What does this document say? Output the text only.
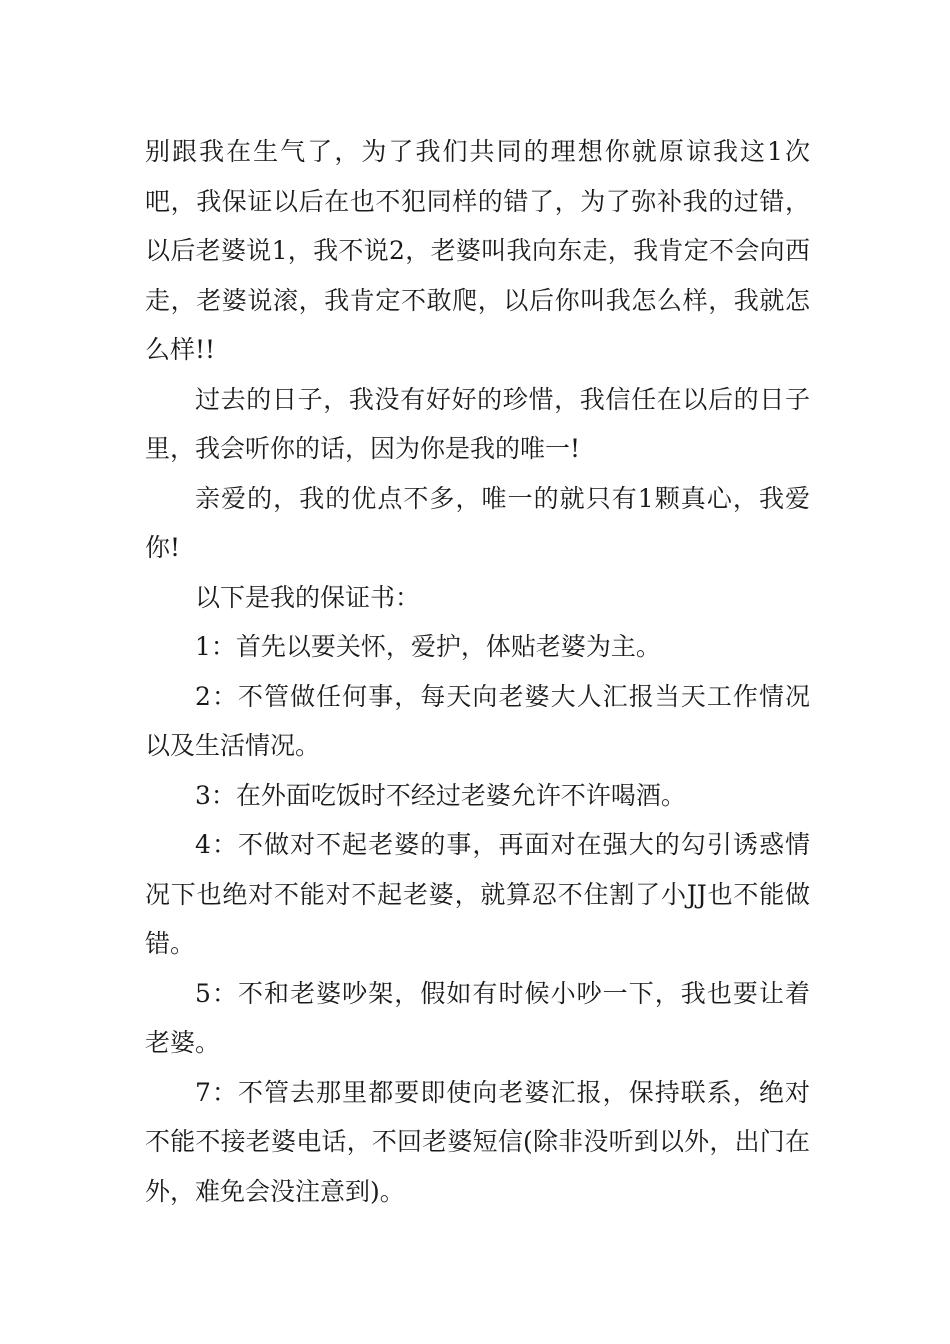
别跟我在生气了，为了我们共同的理想你就原谅我这1次吧，我保证以后在也不犯同样的错了，为了弥补我的过错，以后老婆说1，我不说2，老婆叫我向东走，我肯定不会向西走，老婆说滚，我肯定不敢爬，以后你叫我怎么样，我就怎么样!!

过去的日子，我没有好好的珍惜，我信任在以后的日子里，我会听你的话，因为你是我的唯一!

亲爱的，我的优点不多，唯一的就只有1颗真心，我爱你!

以下是我的保证书：

1：首先以要关怀，爱护，体贴老婆为主。

2：不管做任何事，每天向老婆大人汇报当天工作情况以及生活情况。

3：在外面吃饭时不经过老婆允许不许喝酒。

4：不做对不起老婆的事，再面对在强大的勾引诱惑情况下也绝对不能对不起老婆，就算忍不住割了小JJ也不能做错。

5：不和老婆吵架，假如有时候小吵一下，我也要让着老婆。

7：不管去那里都要即使向老婆汇报，保持联系，绝对不能不接老婆电话，不回老婆短信(除非没听到以外，出门在外，难免会没注意到)。
